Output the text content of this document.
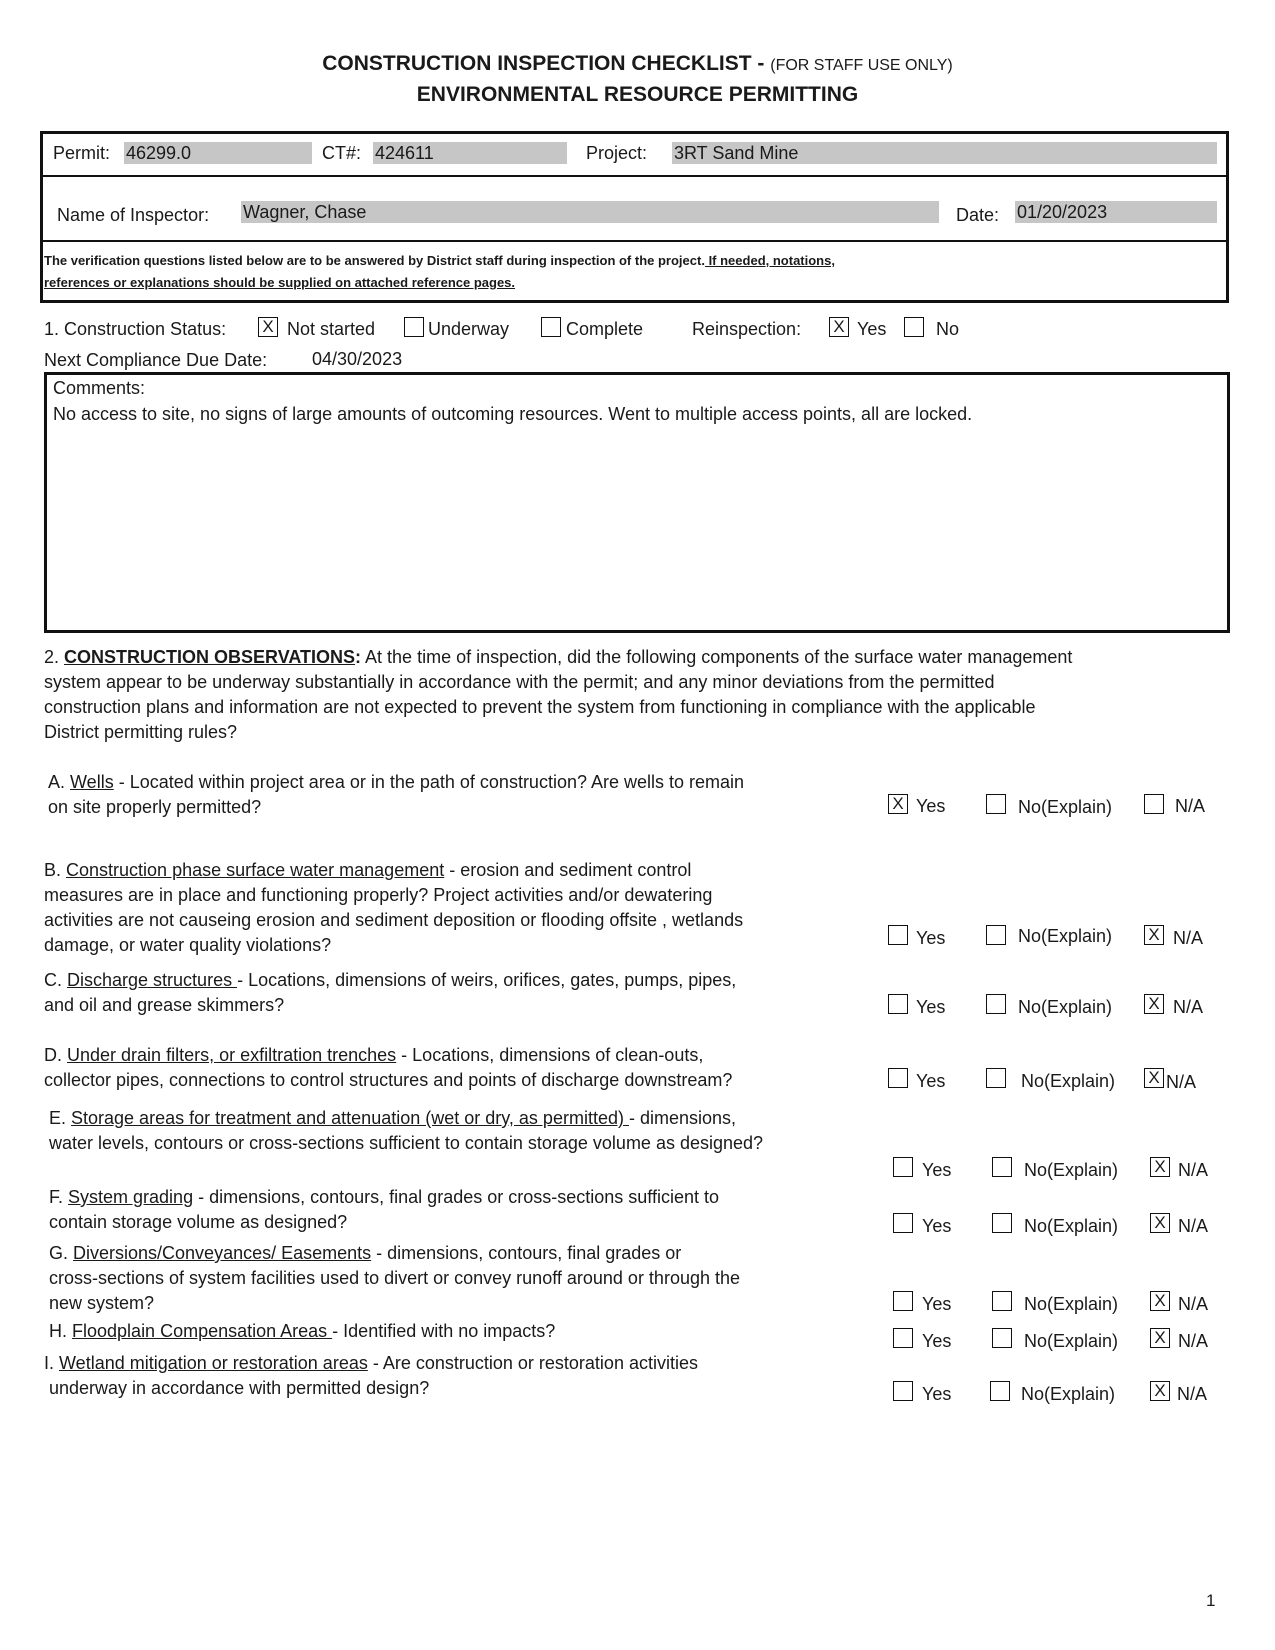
CONSTRUCTION INSPECTION CHECKLIST - (FOR STAFF USE ONLY)
ENVIRONMENTAL RESOURCE PERMITTING
Permit: 46299.0	CT#: 424611	Project: 3RT Sand Mine
Name of Inspector: Wagner, Chase	Date: 01/20/2023
The verification questions listed below are to be answered by District staff during inspection of the project. If needed, notations,
references or explanations should be supplied on attached reference pages.
1. Construction Status: X Not started	Underway	Complete	Reinspection: X Yes	No
Next Compliance Due Date: 04/30/2023
Comments:
No access to site, no signs of large amounts of outcoming resources. Went to multiple access points, all are locked.
2. CONSTRUCTION OBSERVATIONS: At the time of inspection, did the following components of the surface water management
system appear to be underway substantially in accordance with the permit; and any minor deviations from the permitted
construction plans and information are not expected to prevent the system from functioning in compliance with the applicable
District permitting rules?
A. Wells - Located within project area or in the path of construction? Are wells to remain
on site properly permitted?	X Yes	No(Explain)	N/A
B. Construction phase surface water management - erosion and sediment control
measures are in place and functioning properly? Project activities and/or dewatering
activities are not causeing erosion and sediment deposition or flooding offsite , wetlands
damage, or water quality violations?	Yes	No(Explain) X N/A
C. Discharge structures - Locations, dimensions of weirs, orifices, gates, pumps, pipes,
and oil and grease skimmers?	Yes	No(Explain) X N/A
D. Under drain filters, or exfiltration trenches - Locations, dimensions of clean-outs,
collector pipes, connections to control structures and points of discharge downstream?	Yes	No(Explain) X N/A
E. Storage areas for treatment and attenuation (wet or dry, as permitted) - dimensions,
water levels, contours or cross-sections sufficient to contain storage volume as designed?
Yes	No(Explain) X N/A
F. System grading - dimensions, contours, final grades or cross-sections sufficient to
contain storage volume as designed?	Yes	No(Explain) X N/A
G. Diversions/Conveyances/ Easements - dimensions, contours, final grades or
cross-sections of system facilities used to divert or convey runoff around or through the
new system?	Yes	No(Explain) X N/A
H. Floodplain Compensation Areas - Identified with no impacts?	Yes	No(Explain) X N/A
I. Wetland mitigation or restoration areas - Are construction or restoration activities
underway in accordance with permitted design?	Yes	No(Explain) X N/A
1
